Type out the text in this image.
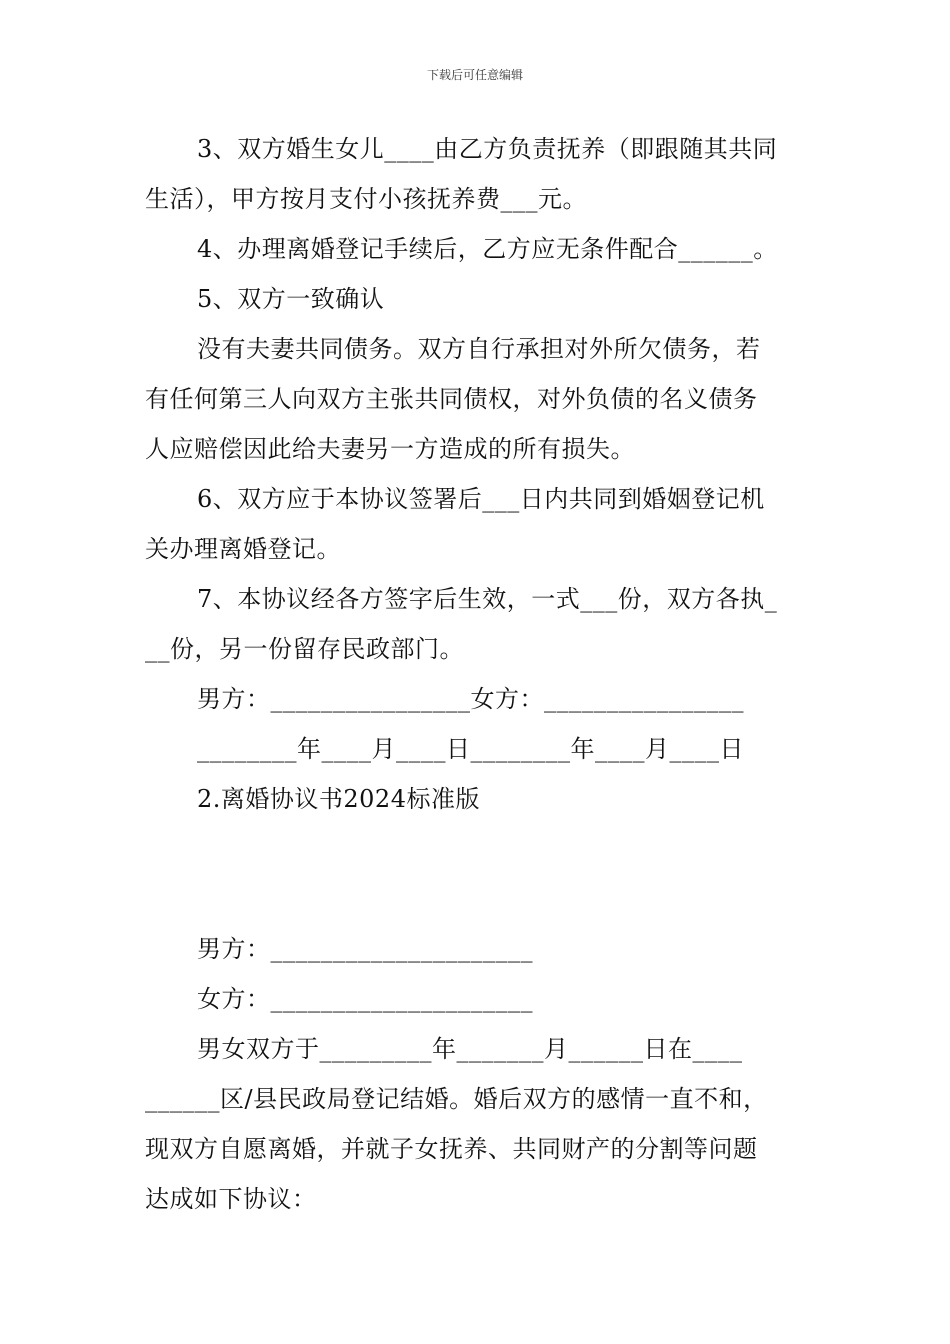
下载后可任意编辑
3、双方婚生女儿____由乙方负责抚养（即跟随其共同
生活），甲方按月支付小孩抚养费___元。
4、办理离婚登记手续后，乙方应无条件配合______。
5、双方一致确认
没有夫妻共同债务。双方自行承担对外所欠债务，若
有任何第三人向双方主张共同债权，对外负债的名义债务
人应赔偿因此给夫妻另一方造成的所有损失。
6、双方应于本协议签署后___日内共同到婚姻登记机
关办理离婚登记。
7、本协议经各方签字后生效，一式___份，双方各执_
__份，另一份留存民政部门。
男方：________________女方：________________
________年____月____日________年____月____日
2.离婚协议书2024标准版
男方：_____________________
女方：_____________________
男女双方于_________年_______月______日在____
______区/县民政局登记结婚。婚后双方的感情一直不和，
现双方自愿离婚，并就子女抚养、共同财产的分割等问题
达成如下协议：
